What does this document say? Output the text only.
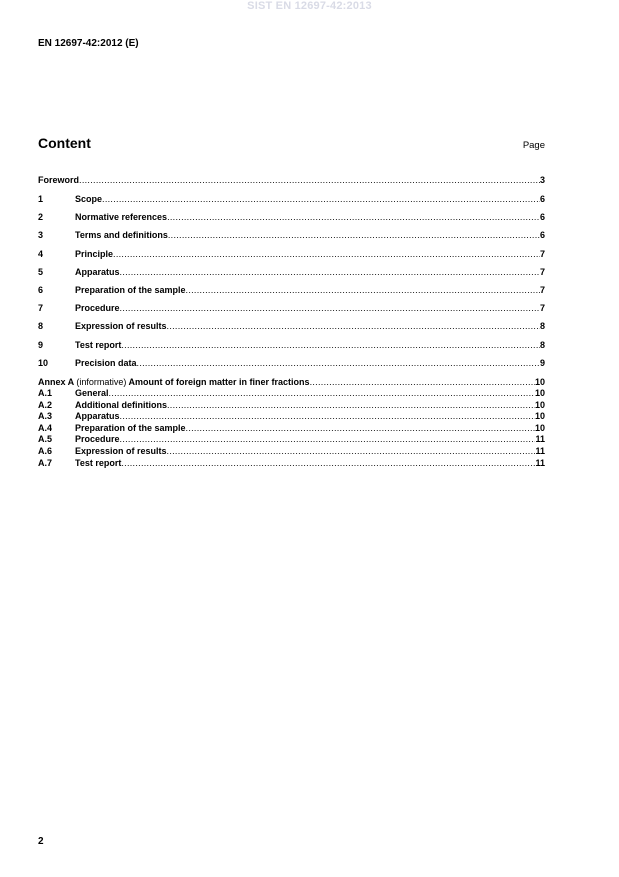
SIST EN 12697-42:2013
EN 12697-42:2012 (E)
Content	Page
Foreword .....	3
1	Scope .....	6
2	Normative references .....	6
3	Terms and definitions .....	6
4	Principle .....	7
5	Apparatus .....	7
6	Preparation of the sample .....	7
7	Procedure .....	7
8	Expression of results .....	8
9	Test report .....	8
10	Precision data .....	9
Annex A (informative) Amount of foreign matter in finer fractions .....	10
A.1	General .....	10
A.2	Additional definitions .....	10
A.3	Apparatus .....	10
A.4	Preparation of the sample .....	10
A.5	Procedure .....	11
A.6	Expression of results .....	11
A.7	Test report .....	11
2
